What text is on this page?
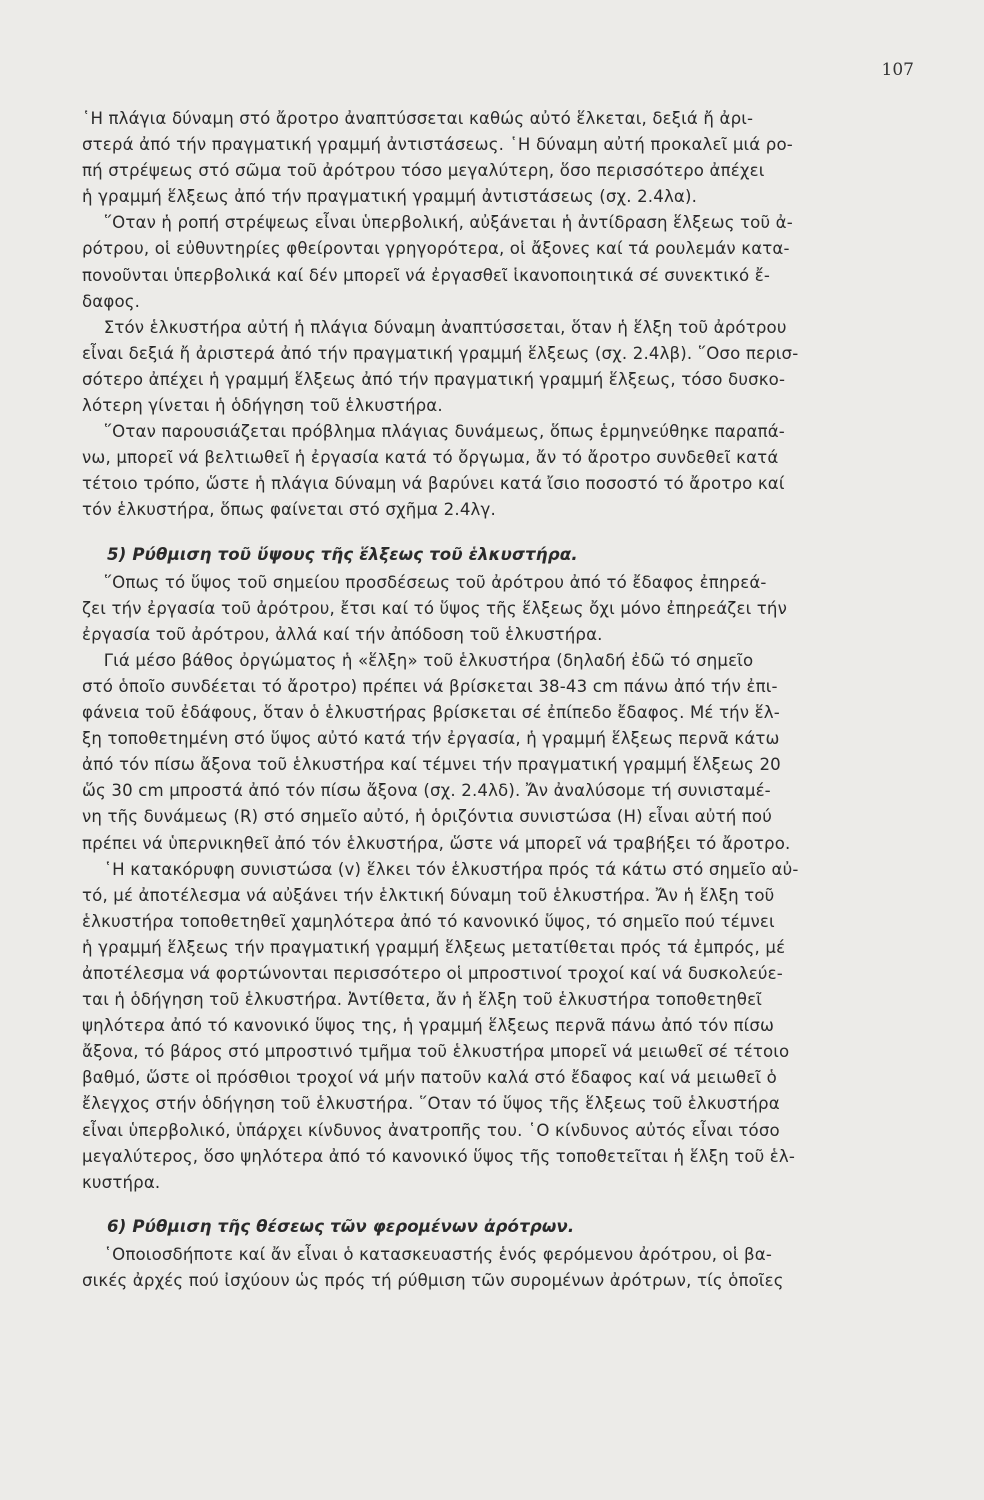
107
῾Η πλάγια δύναμη στό ἄροτρο ἀναπτύσσεται καθώς αὐτό ἕλκεται, δεξιά ἤ ἀρι-
στερά ἀπό τήν πραγματική γραμμή ἀντιστάσεως. ῾Η δύναμη αὐτή προκαλεῖ μιά ρο-
πή στρέψεως στό σῶμα τοῦ ἀρότρου τόσο μεγαλύτερη, ὅσο περισσότερο ἀπέχει
ἡ γραμμή ἕλξεως ἀπό τήν πραγματική γραμμή ἀντιστάσεως (σχ. 2.4λα).
῞Οταν ἡ ροπή στρέψεως εἶναι ὑπερβολική, αὐξάνεται ἡ ἀντίδραση ἕλξεως τοῦ ἀ-
ρότρου, οἱ εὐθυντηρίες φθείρονται γρηγορότερα, οἱ ἄξονες καί τά ρουλεμάν κατα-
πονοῦνται ὑπερβολικά καί δέν μπορεῖ νά ἐργασθεῖ ἱκανοποιητικά σέ συνεκτικό ἔ-
δαφος.
Στόν ἑλκυστήρα αὐτή ἡ πλάγια δύναμη ἀναπτύσσεται, ὅταν ἡ ἕλξη τοῦ ἀρότρου
εἶναι δεξιά ἤ ἀριστερά ἀπό τήν πραγματική γραμμή ἕλξεως (σχ. 2.4λβ). ῞Οσο περισ-
σότερο ἀπέχει ἡ γραμμή ἕλξεως ἀπό τήν πραγματική γραμμή ἕλξεως, τόσο δυσκο-
λότερη γίνεται ἡ ὁδήγηση τοῦ ἑλκυστήρα.
῞Οταν παρουσιάζεται πρόβλημα πλάγιας δυνάμεως, ὅπως ἑρμηνεύθηκε παραπά-
νω, μπορεῖ νά βελτιωθεῖ ἡ ἐργασία κατά τό ὄργωμα, ἄν τό ἄροτρο συνδεθεῖ κατά
τέτοιο τρόπο, ὥστε ἡ πλάγια δύναμη νά βαρύνει κατά ἴσιο ποσοστό τό ἄροτρο καί
τόν ἑλκυστήρα, ὅπως φαίνεται στό σχῆμα 2.4λγ.
5) Ρύθμιση τοῦ ὕψους τῆς ἕλξεως τοῦ ἑλκυστήρα.
῞Οπως τό ὕψος τοῦ σημείου προσδέσεως τοῦ ἀρότρου ἀπό τό ἔδαφος ἐπηρεά-
ζει τήν ἐργασία τοῦ ἀρότρου, ἔτσι καί τό ὕψος τῆς ἕλξεως ὄχι μόνο ἐπηρεάζει τήν
ἐργασία τοῦ ἀρότρου, ἀλλά καί τήν ἀπόδοση τοῦ ἑλκυστήρα.
Γιά μέσο βάθος ὀργώματος ἡ «ἕλξη» τοῦ ἑλκυστήρα (δηλαδή ἐδῶ τό σημεῖο
στό ὁποῖο συνδέεται τό ἄροτρο) πρέπει νά βρίσκεται 38-43 cm πάνω ἀπό τήν ἐπι-
φάνεια τοῦ ἐδάφους, ὅταν ὁ ἑλκυστήρας βρίσκεται σέ ἐπίπεδο ἔδαφος. Μέ τήν ἕλ-
ξη τοποθετημένη στό ὕψος αὐτό κατά τήν ἐργασία, ἡ γραμμή ἕλξεως περνᾶ κάτω
ἀπό τόν πίσω ἄξονα τοῦ ἑλκυστήρα καί τέμνει τήν πραγματική γραμμή ἕλξεως 20
ὥς 30 cm μπροστά ἀπό τόν πίσω ἄξονα (σχ. 2.4λδ). Ἄν ἀναλύσομε τή συνισταμέ-
νη τῆς δυνάμεως (R) στό σημεῖο αὐτό, ἡ ὁριζόντια συνιστώσα (H) εἶναι αὐτή πού
πρέπει νά ὑπερνικηθεῖ ἀπό τόν ἑλκυστήρα, ὥστε νά μπορεῖ νά τραβήξει τό ἄροτρο.
῾Η κατακόρυφη συνιστώσα (v) ἕλκει τόν ἑλκυστήρα πρός τά κάτω στό σημεῖο αὐ-
τό, μέ ἀποτέλεσμα νά αὐξάνει τήν ἑλκτική δύναμη τοῦ ἑλκυστήρα. Ἄν ἡ ἕλξη τοῦ
ἑλκυστήρα τοποθετηθεῖ χαμηλότερα ἀπό τό κανονικό ὕψος, τό σημεῖο πού τέμνει
ἡ γραμμή ἕλξεως τήν πραγματική γραμμή ἕλξεως μετατίθεται πρός τά ἐμπρός, μέ
ἀποτέλεσμα νά φορτώνονται περισσότερο οἱ μπροστινοί τροχοί καί νά δυσκολεύε-
ται ἡ ὁδήγηση τοῦ ἑλκυστήρα. Ἀντίθετα, ἄν ἡ ἕλξη τοῦ ἑλκυστήρα τοποθετηθεῖ
ψηλότερα ἀπό τό κανονικό ὕψος της, ἡ γραμμή ἕλξεως περνᾶ πάνω ἀπό τόν πίσω
ἄξονα, τό βάρος στό μπροστινό τμῆμα τοῦ ἑλκυστήρα μπορεῖ νά μειωθεῖ σέ τέτοιο
βαθμό, ὥστε οἱ πρόσθιοι τροχοί νά μήν πατοῦν καλά στό ἔδαφος καί νά μειωθεῖ ὁ
ἔλεγχος στήν ὁδήγηση τοῦ ἑλκυστήρα. ῞Οταν τό ὕψος τῆς ἕλξεως τοῦ ἑλκυστήρα
εἶναι ὑπερβολικό, ὑπάρχει κίνδυνος ἀνατροπῆς του. ῾Ο κίνδυνος αὐτός εἶναι τόσο
μεγαλύτερος, ὅσο ψηλότερα ἀπό τό κανονικό ὕψος τῆς τοποθετεῖται ἡ ἕλξη τοῦ ἑλ-
κυστήρα.
6) Ρύθμιση τῆς θέσεως τῶν φερομένων ἀρότρων.
῾Οποιοσδήποτε καί ἄν εἶναι ὁ κατασκευαστής ἑνός φερόμενου ἀρότρου, οἱ βα-
σικές ἀρχές πού ἰσχύουν ὡς πρός τή ρύθμιση τῶν συρομένων ἀρότρων, τίς ὁποῖες
